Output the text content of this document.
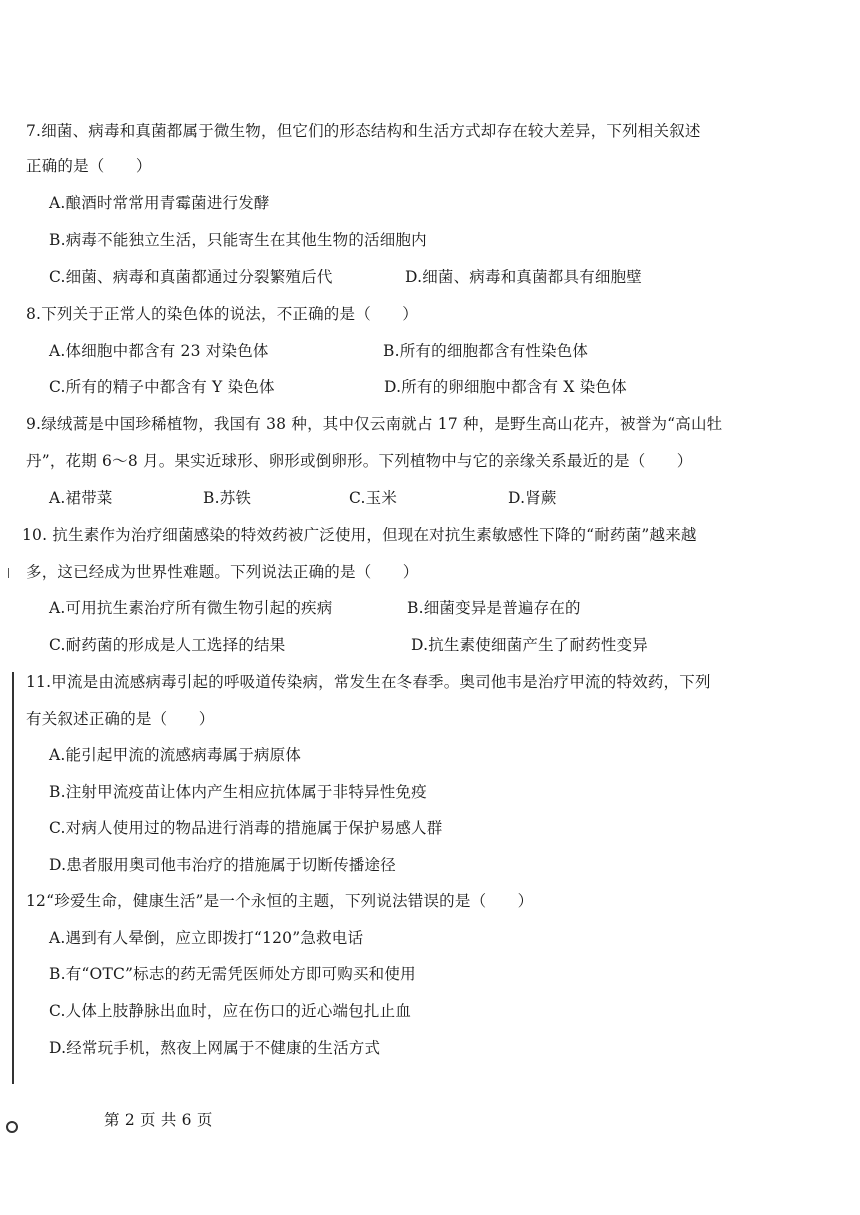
7.细菌、病毒和真菌都属于微生物，但它们的形态结构和生活方式却存在较大差异，下列相关叙述
正确的是（　　）
A.酿酒时常常用青霉菌进行发酵
B.病毒不能独立生活，只能寄生在其他生物的活细胞内
C.细菌、病毒和真菌都通过分裂繁殖后代	D.细菌、病毒和真菌都具有细胞壁
8.下列关于正常人的染色体的说法，不正确的是（　　）
A.体细胞中都含有 23 对染色体	B.所有的细胞都含有性染色体
C.所有的精子中都含有 Y 染色体	D.所有的卵细胞中都含有 X 染色体
9.绿绒蒿是中国珍稀植物，我国有 38 种，其中仅云南就占 17 种，是野生高山花卉，被誉为“高山牡
丹”，花期 6～8 月。果实近球形、卵形或倒卵形。下列植物中与它的亲缘关系最近的是（　　）
A.裙带菜	B.苏铁	C.玉米	D.肾蕨
10. 抗生素作为治疗细菌感染的特效药被广泛使用，但现在对抗生素敏感性下降的“耐药菌”越来越
多，这已经成为世界性难题。下列说法正确的是（　　）
A.可用抗生素治疗所有微生物引起的疾病	B.细菌变异是普遍存在的
C.耐药菌的形成是人工选择的结果	D.抗生素使细菌产生了耐药性变异
11.甲流是由流感病毒引起的呼吸道传染病，常发生在冬春季。奥司他韦是治疗甲流的特效药，下列
有关叙述正确的是（　　）
A.能引起甲流的流感病毒属于病原体
B.注射甲流疫苗让体内产生相应抗体属于非特异性免疫
C.对病人使用过的物品进行消毒的措施属于保护易感人群
D.患者服用奥司他韦治疗的措施属于切断传播途径
12“珍爱生命，健康生活”是一个永恒的主题，下列说法错误的是（　　）
A.遇到有人晕倒，应立即拨打“120”急救电话
B.有“OTC”标志的药无需凭医师处方即可购买和使用
C.人体上肢静脉出血时，应在伤口的近心端包扎止血
D.经常玩手机，熬夜上网属于不健康的生活方式
第 2 页 共 6 页
